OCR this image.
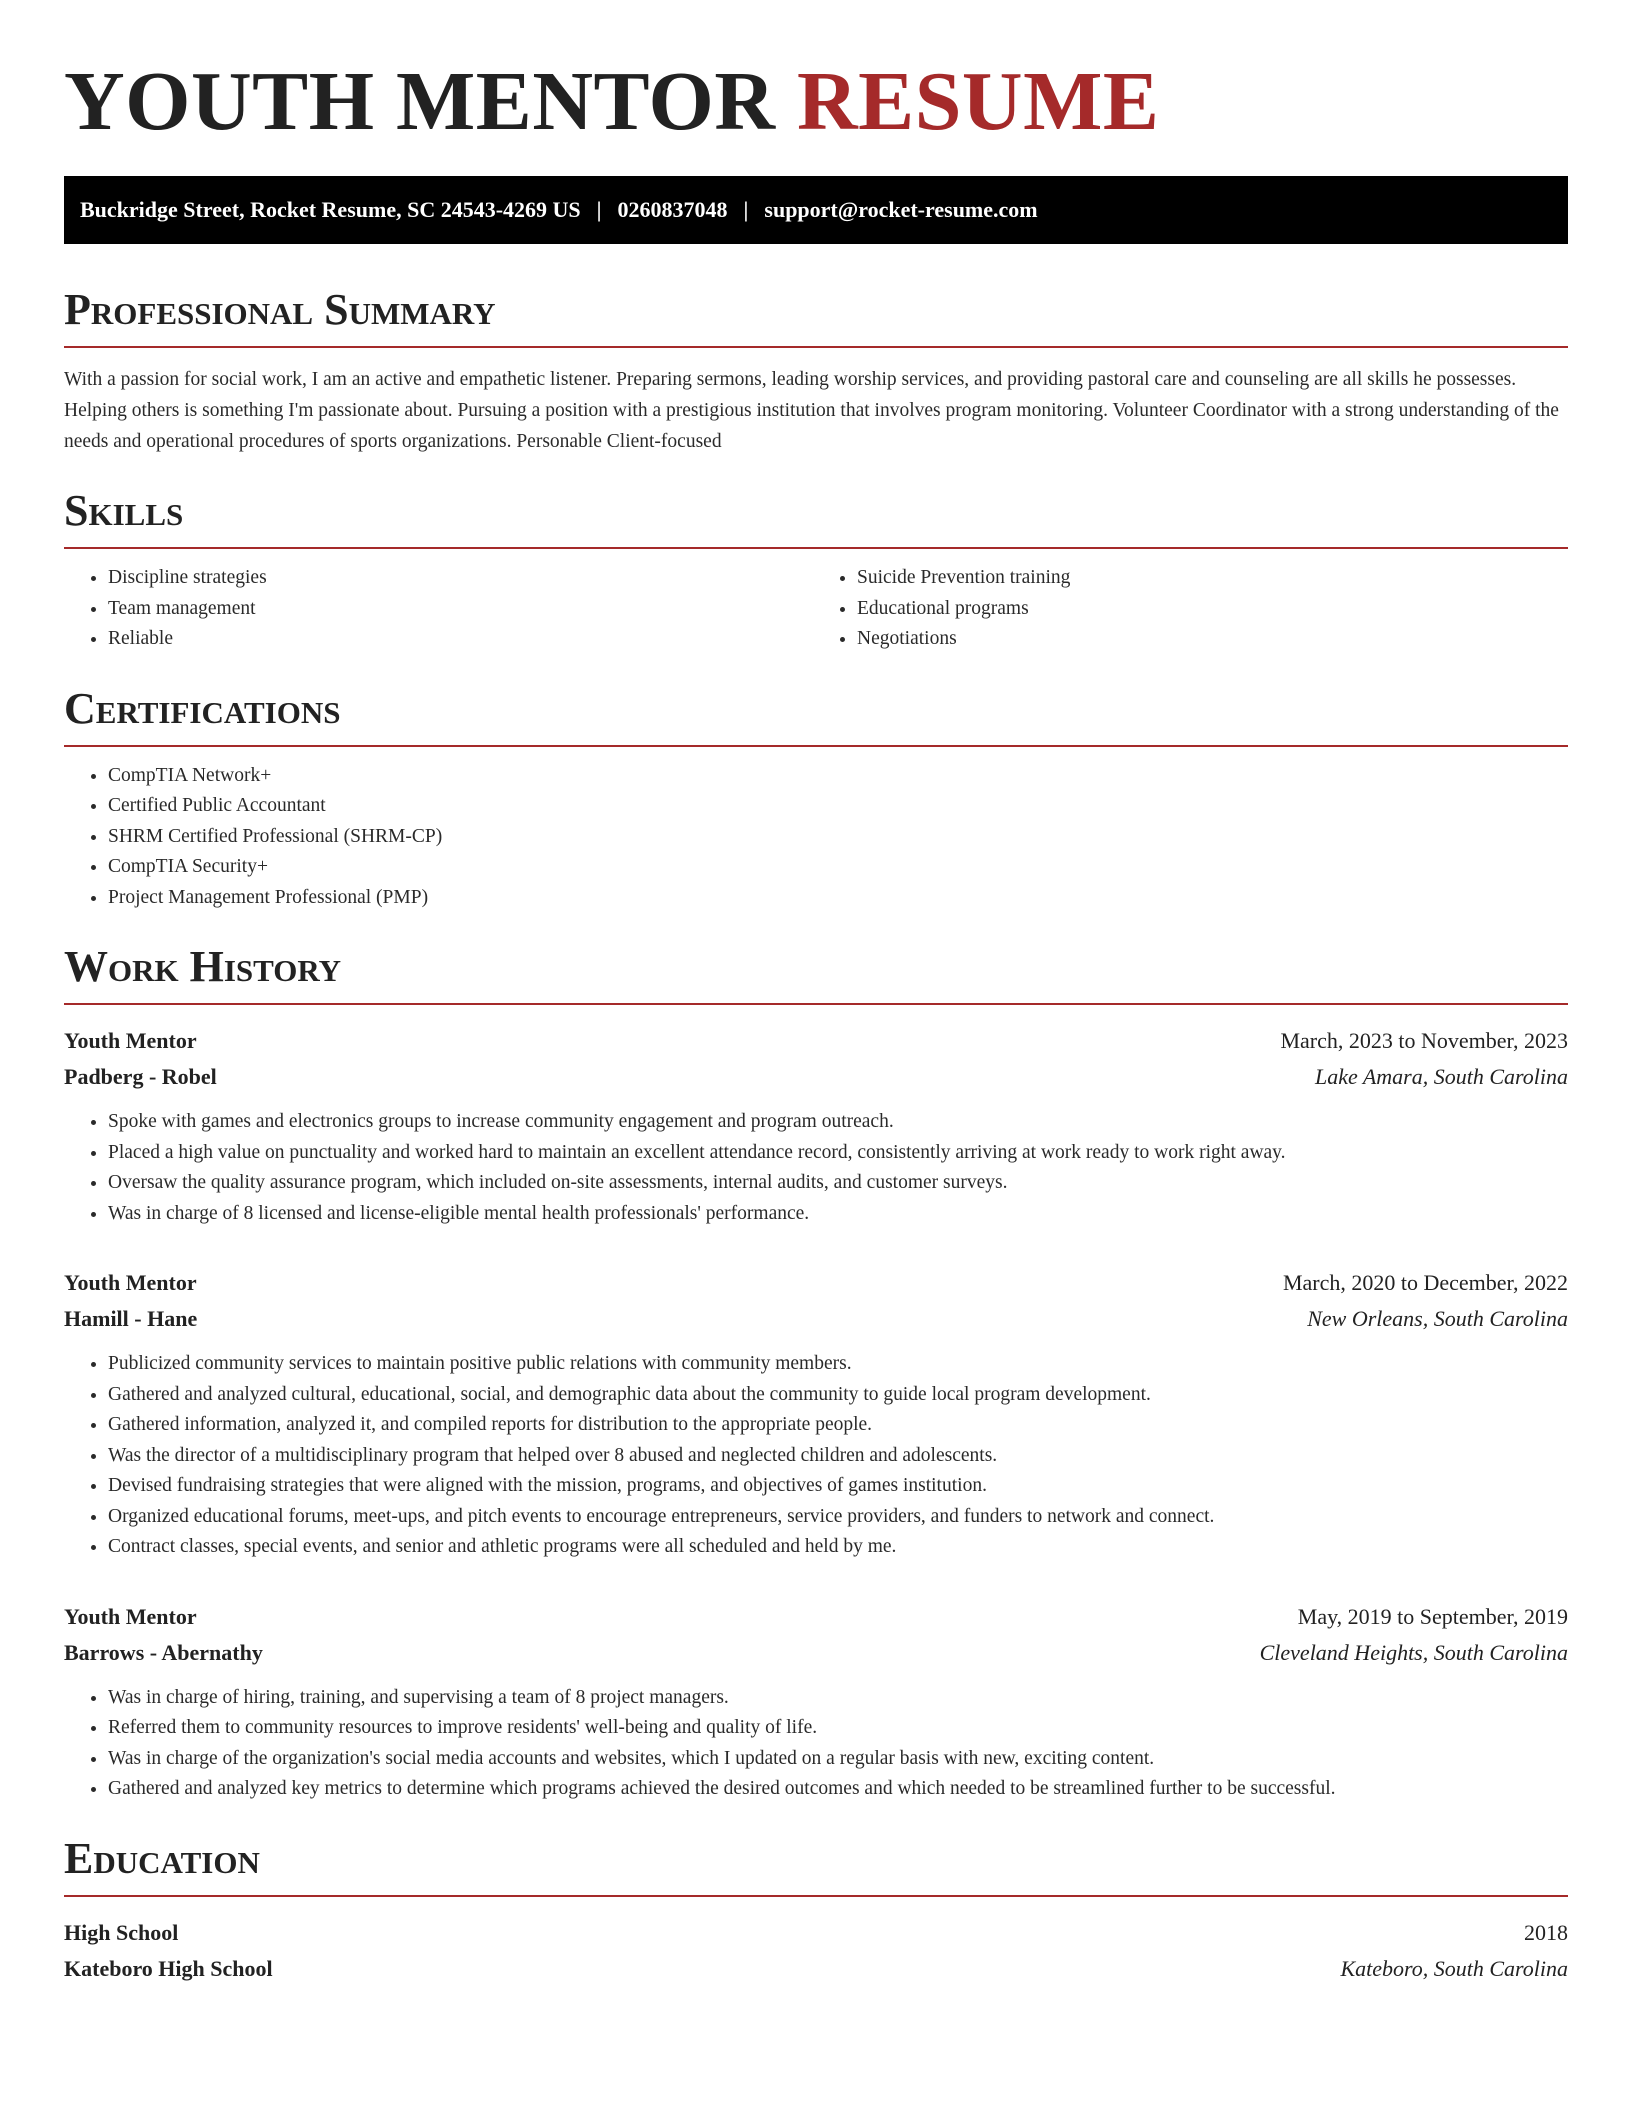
YOUTH MENTOR RESUME
Buckridge Street, Rocket Resume, SC 24543-4269 US | 0260837048 | support@rocket-resume.com
Professional Summary

With a passion for social work, I am an active and empathetic listener. Preparing sermons, leading worship services, and providing pastoral care and counseling are all skills he possesses. Helping others is something I'm passionate about. Pursuing a position with a prestigious institution that involves program monitoring. Volunteer Coordinator with a strong understanding of the needs and operational procedures of sports organizations. Personable Client-focused

Skills
• Discipline strategies
• Team management
• Reliable
• Suicide Prevention training
• Educational programs
• Negotiations
Certifications
• CompTIA Network+
• Certified Public Accountant
• SHRM Certified Professional (SHRM-CP)
• CompTIA Security+
• Project Management Professional (PMP)
Work History
Youth Mentor	March, 2023 to November, 2023
Padberg - Robel	Lake Amara, South Carolina
• Spoke with games and electronics groups to increase community engagement and program outreach.
• Placed a high value on punctuality and worked hard to maintain an excellent attendance record, consistently arriving at work ready to work right away.
• Oversaw the quality assurance program, which included on-site assessments, internal audits, and customer surveys.
• Was in charge of 8 licensed and license-eligible mental health professionals' performance.
Youth Mentor	March, 2020 to December, 2022
Hamill - Hane	New Orleans, South Carolina
• Publicized community services to maintain positive public relations with community members.
• Gathered and analyzed cultural, educational, social, and demographic data about the community to guide local program development.
• Gathered information, analyzed it, and compiled reports for distribution to the appropriate people.
• Was the director of a multidisciplinary program that helped over 8 abused and neglected children and adolescents.
• Devised fundraising strategies that were aligned with the mission, programs, and objectives of games institution.
• Organized educational forums, meet-ups, and pitch events to encourage entrepreneurs, service providers, and funders to network and connect.
• Contract classes, special events, and senior and athletic programs were all scheduled and held by me.
Youth Mentor	May, 2019 to September, 2019
Barrows - Abernathy	Cleveland Heights, South Carolina
• Was in charge of hiring, training, and supervising a team of 8 project managers.
• Referred them to community resources to improve residents' well-being and quality of life.
• Was in charge of the organization's social media accounts and websites, which I updated on a regular basis with new, exciting content.
• Gathered and analyzed key metrics to determine which programs achieved the desired outcomes and which needed to be streamlined further to be successful.
Education
High School	2018
Kateboro High School	Kateboro, South Carolina
